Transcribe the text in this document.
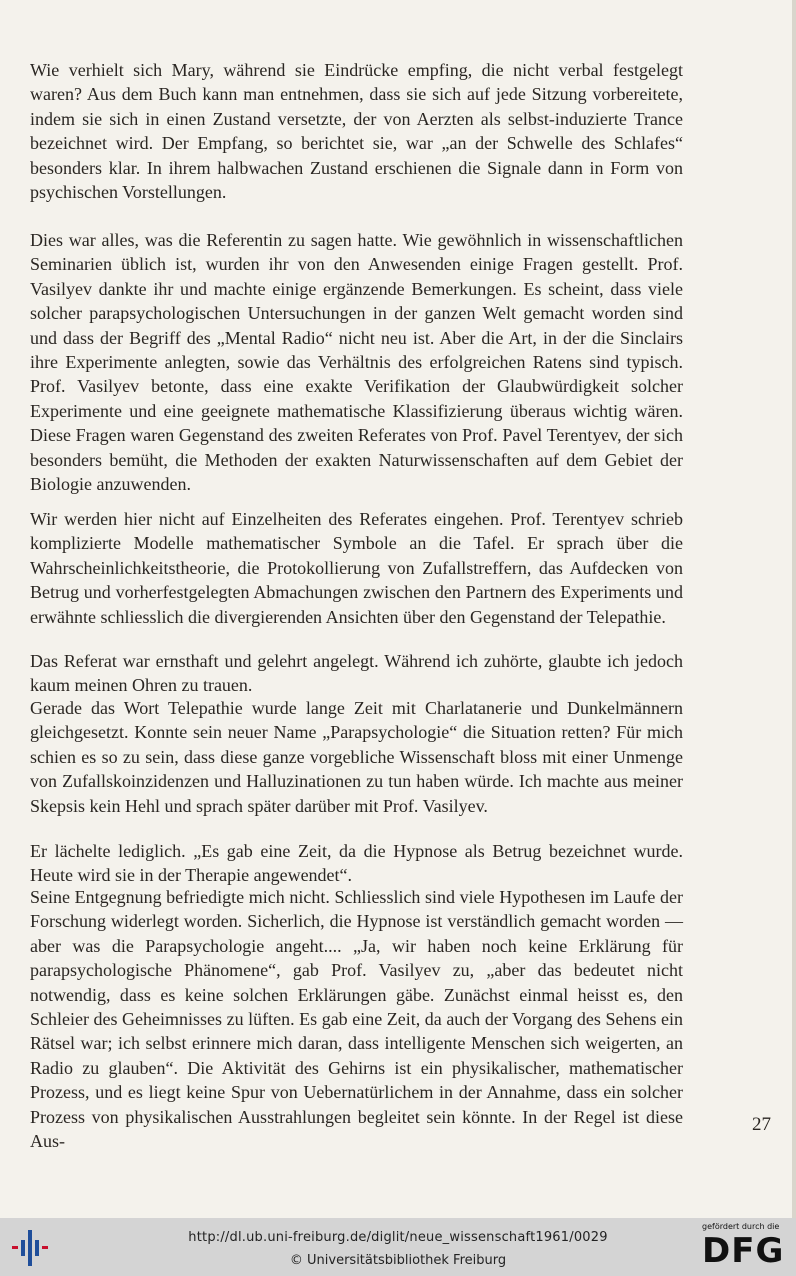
Wie verhielt sich Mary, während sie Eindrücke empfing, die nicht verbal festgelegt waren? Aus dem Buch kann man entnehmen, dass sie sich auf jede Sitzung vorbereitete, indem sie sich in einen Zustand versetzte, der von Aerzten als selbst-induzierte Trance bezeichnet wird. Der Empfang, so berichtet sie, war „an der Schwelle des Schlafes“ besonders klar. In ihrem halbwachen Zustand erschienen die Signale dann in Form von psychischen Vorstellungen.

Dies war alles, was die Referentin zu sagen hatte. Wie gewöhnlich in wissenschaftlichen Seminarien üblich ist, wurden ihr von den Anwesenden einige Fragen gestellt. Prof. Vasilyev dankte ihr und machte einige ergänzende Bemerkungen. Es scheint, dass viele solcher parapsychologischen Untersuchungen in der ganzen Welt gemacht worden sind und dass der Begriff des „Mental Radio“ nicht neu ist. Aber die Art, in der die Sinclairs ihre Experimente anlegten, sowie das Verhältnis des erfolgreichen Ratens sind typisch. Prof. Vasilyev betonte, dass eine exakte Verifikation der Glaubwürdigkeit solcher Experimente und eine geeignete mathematische Klassifizierung überaus wichtig wären. Diese Fragen waren Gegenstand des zweiten Referates von Prof. Pavel Terentyev, der sich besonders bemüht, die Methoden der exakten Naturwissenschaften auf dem Gebiet der Biologie anzuwenden.

Wir werden hier nicht auf Einzelheiten des Referates eingehen. Prof. Terentyev schrieb komplizierte Modelle mathematischer Symbole an die Tafel. Er sprach über die Wahrscheinlichkeitstheorie, die Protokollierung von Zufallstreffern, das Aufdecken von Betrug und vorherfestgelegten Abmachungen zwischen den Partnern des Experiments und erwähnte schliesslich die divergierenden Ansichten über den Gegenstand der Telepathie.

Das Referat war ernsthaft und gelehrt angelegt. Während ich zuhörte, glaubte ich jedoch kaum meinen Ohren zu trauen.

Gerade das Wort Telepathie wurde lange Zeit mit Charlatanerie und Dunkelmännern gleichgesetzt. Konnte sein neuer Name „Parapsychologie“ die Situation retten? Für mich schien es so zu sein, dass diese ganze vorgebliche Wissenschaft bloss mit einer Unmenge von Zufallskoinzidenzen und Halluzinationen zu tun haben würde. Ich machte aus meiner Skepsis kein Hehl und sprach später darüber mit Prof. Vasilyev.

Er lächelte lediglich. „Es gab eine Zeit, da die Hypnose als Betrug bezeichnet wurde. Heute wird sie in der Therapie angewendet“.

Seine Entgegnung befriedigte mich nicht. Schliesslich sind viele Hypothesen im Laufe der Forschung widerlegt worden. Sicherlich, die Hypnose ist verständlich gemacht worden — aber was die Parapsychologie angeht.... „Ja, wir haben noch keine Erklärung für parapsychologische Phänomene“, gab Prof. Vasilyev zu, „aber das bedeutet nicht notwendig, dass es keine solchen Erklärungen gäbe. Zunächst einmal heisst es, den Schleier des Geheimnisses zu lüften. Es gab eine Zeit, da auch der Vorgang des Sehens ein Rätsel war; ich selbst erinnere mich daran, dass intelligente Menschen sich weigerten, an Radio zu glauben“. Die Aktivität des Gehirns ist ein physikalischer, mathematischer Prozess, und es liegt keine Spur von Uebernatürlichem in der Annahme, dass ein solcher Prozess von physikalischen Ausstrahlungen begleitet sein könnte. In der Regel ist diese Aus-

27
http://dl.ub.uni-freiburg.de/diglit/neue_wissenschaft1961/0029
© Universitätsbibliothek Freiburg
gefördert durch die
DFG
